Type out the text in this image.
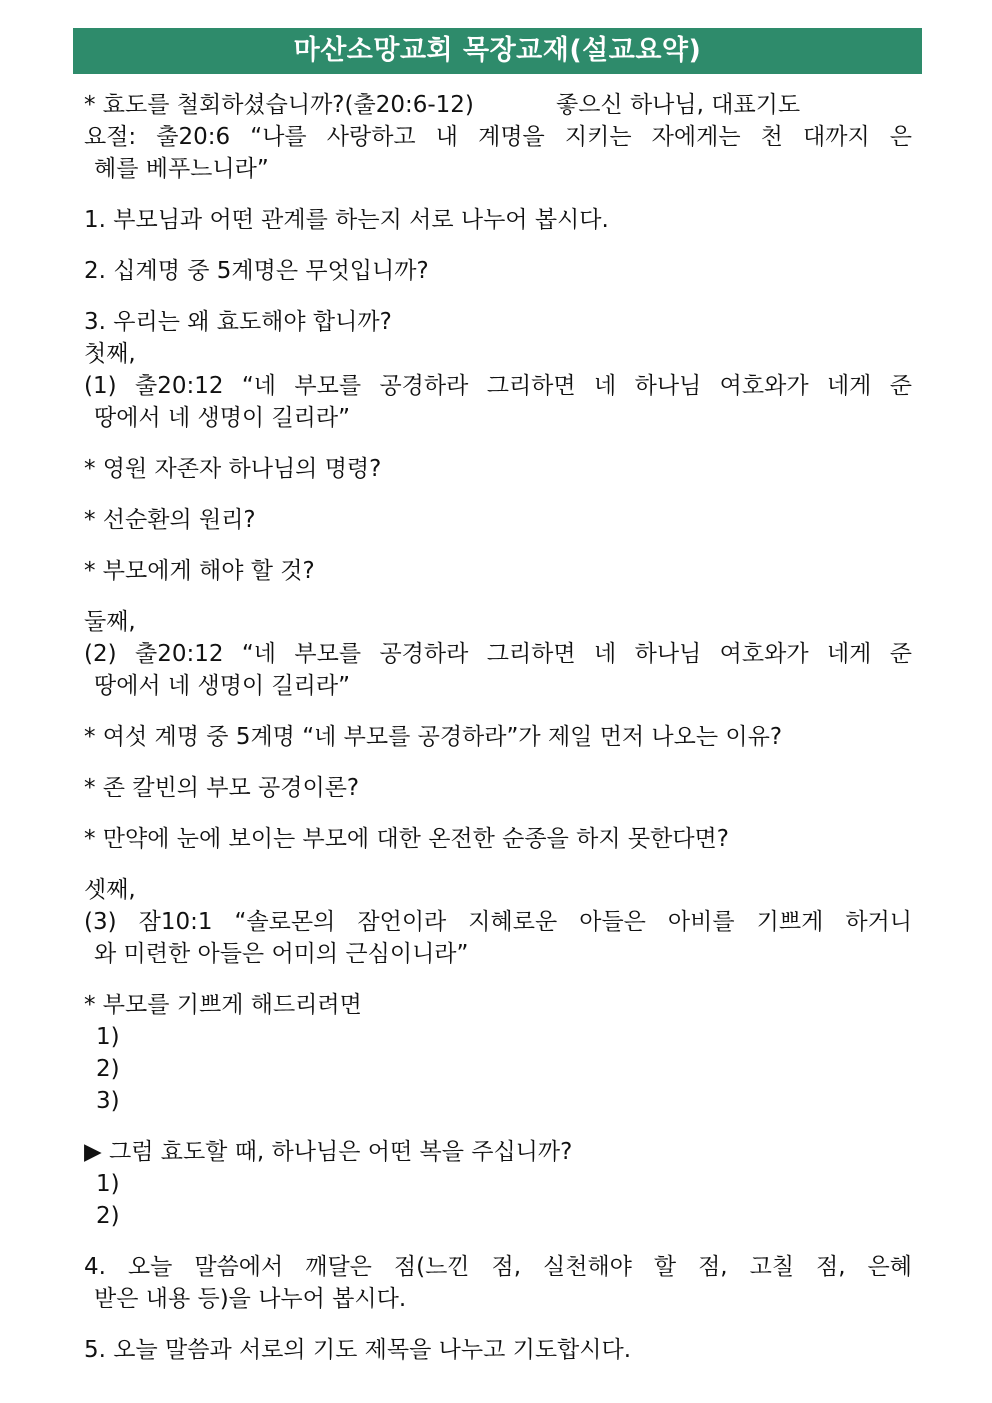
마산소망교회 목장교재(설교요약)
* 효도를 철회하셨습니까?(출20:6-12)	좋으신 하나님, 대표기도
요절: 출20:6 “나를 사랑하고 내 계명을 지키는 자에게는 천 대까지 은
혜를 베푸느니라”
1. 부모님과 어떤 관계를 하는지 서로 나누어 봅시다.
2. 십계명 중 5계명은 무엇입니까?
3. 우리는 왜 효도해야 합니까?
첫째,
(1) 출20:12 “네 부모를 공경하라 그리하면 네 하나님 여호와가 네게 준
땅에서 네 생명이 길리라”
* 영원 자존자 하나님의 명령?
* 선순환의 원리?
* 부모에게 해야 할 것?
둘째,
(2) 출20:12 “네 부모를 공경하라 그리하면 네 하나님 여호와가 네게 준
땅에서 네 생명이 길리라”
* 여섯 계명 중 5계명 “네 부모를 공경하라”가 제일 먼저 나오는 이유?
* 존 칼빈의 부모 공경이론?
* 만약에 눈에 보이는 부모에 대한 온전한 순종을 하지 못한다면?
셋째,
(3) 잠10:1 “솔로몬의 잠언이라 지혜로운 아들은 아비를 기쁘게 하거니
와 미련한 아들은 어미의 근심이니라”
* 부모를 기쁘게 해드리려면
1)
2)
3)
▶ 그럼 효도할 때, 하나님은 어떤 복을 주십니까?
1)
2)
4. 오늘 말씀에서 깨달은 점(느낀 점, 실천해야 할 점, 고칠 점, 은혜
받은 내용 등)을 나누어 봅시다.
5. 오늘 말씀과 서로의 기도 제목을 나누고 기도합시다.
